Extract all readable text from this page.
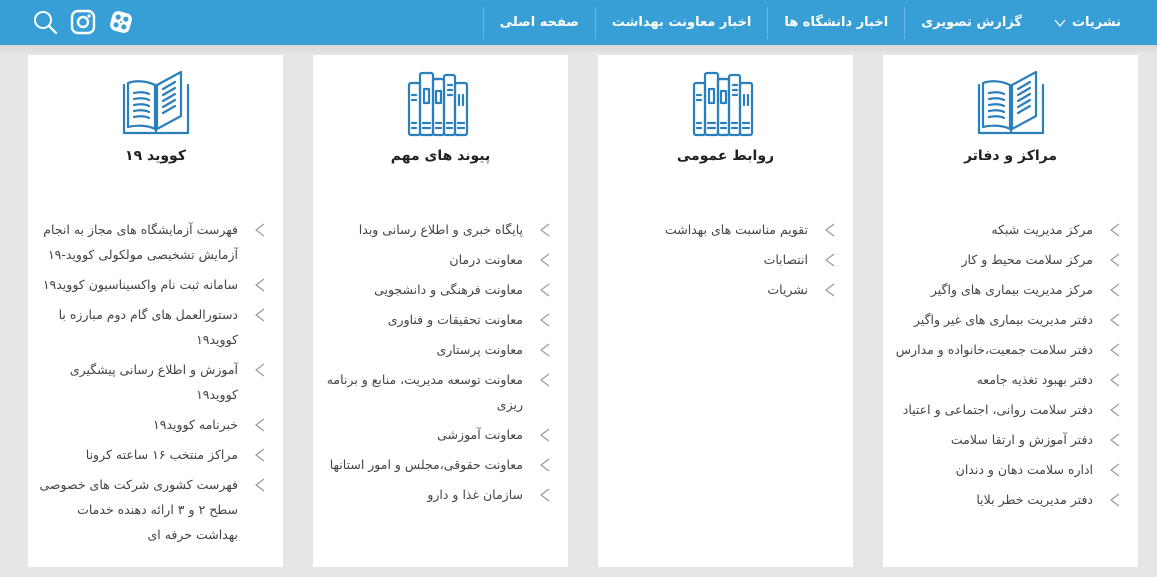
صفحه اصلی	اخبار معاونت بهداشت	اخبار دانشگاه ها	گزارش تصویری	نشریات
مراکز و دفاتر
مرکز مدیریت شبکه
مرکز سلامت محیط و کار
مرکز مدیریت بیماری های واگیر
دفتر مدیریت بیماری های غیر واگیر
دفتر سلامت جمعیت،خانواده و مدارس
دفتر بهبود تغذیه جامعه
دفتر سلامت روانی، اجتماعی و اعتیاد
دفتر آموزش و ارتقا سلامت
اداره سلامت دهان و دندان
دفتر مدیریت خطر بلایا
روابط عمومی
تقویم مناسبت های بهداشت
انتصابات
نشریات
پیوند های مهم
پایگاه خبری و اطلاع رسانی وبدا
معاونت درمان
معاونت فرهنگی و دانشجویی
معاونت تحقیقات و فناوری
معاونت پرستاری
معاونت توسعه مدیریت، منابع و برنامه ریزی
معاونت آموزشی
معاونت حقوقی،مجلس و امور استانها
سازمان غذا و دارو
کووید ۱۹
فهرست آزمایشگاه های مجاز به انجام آزمایش تشخیصی مولکولی کووید-۱۹
سامانه ثبت نام واکسیناسیون کووید۱۹
دستورالعمل های گام دوم مبارزه با کووید۱۹
آموزش و اطلاع رسانی پیشگیری کووید۱۹
خبرنامه کووید۱۹
مراکز منتخب ۱۶ ساعته کرونا
فهرست کشوری شرکت های خصوصی سطح ۲ و ۳ ارائه دهنده خدمات بهداشت حرفه ای
